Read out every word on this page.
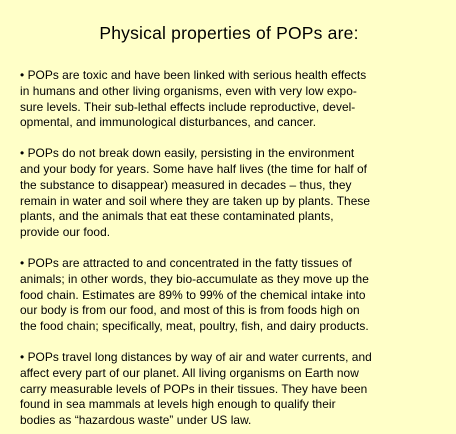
Physical properties of POPs are:

• POPs are toxic and have been linked with serious health effects
in humans and other living organisms, even with very low expo-
sure levels. Their sub-lethal effects include reproductive, devel-
opmental, and immunological disturbances, and cancer.

• POPs do not break down easily, persisting in the environment
and your body for years. Some have half lives (the time for half of
the substance to disappear) measured in decades – thus, they
remain in water and soil where they are taken up by plants. These
plants, and the animals that eat these contaminated plants,
provide our food.

• POPs are attracted to and concentrated in the fatty tissues of
animals; in other words, they bio-accumulate as they move up the
food chain. Estimates are 89% to 99% of the chemical intake into
our body is from our food, and most of this is from foods high on
the food chain; specifically, meat, poultry, fish, and dairy products.

• POPs travel long distances by way of air and water currents, and
affect every part of our planet. All living organisms on Earth now
carry measurable levels of POPs in their tissues. They have been
found in sea mammals at levels high enough to qualify their
bodies as “hazardous waste” under US law.
